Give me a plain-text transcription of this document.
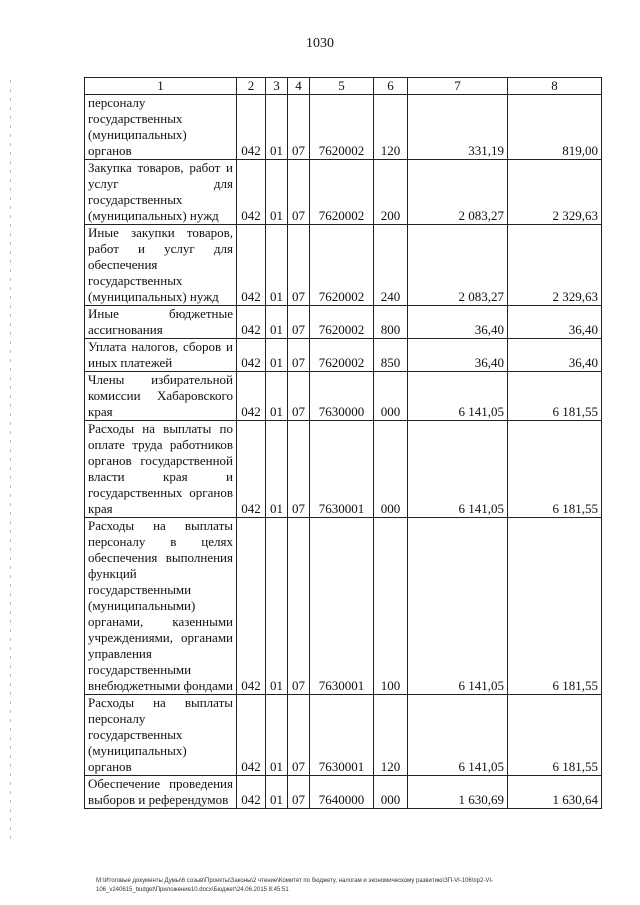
1030
1	2	3	4	5	6	7	8
персоналу государственных (муниципальных) органов	042	01	07	7620002	120	331,19	819,00
Закупка товаров, работ и услуг для государственных (муниципальных) нужд	042	01	07	7620002	200	2 083,27	2 329,63
Иные закупки товаров, работ и услуг для обеспечения государственных (муниципальных) нужд	042	01	07	7620002	240	2 083,27	2 329,63
Иные бюджетные ассигнования	042	01	07	7620002	800	36,40	36,40
Уплата налогов, сборов и иных платежей	042	01	07	7620002	850	36,40	36,40
Члены избирательной комиссии Хабаровского края	042	01	07	7630000	000	6 141,05	6 181,55
Расходы на выплаты по оплате труда работников органов государственной власти края и государственных органов края	042	01	07	7630001	000	6 141,05	6 181,55
Расходы на выплаты персоналу в целях обеспечения выполнения функций государственными (муниципальными) органами, казенными учреждениями, органами управления государственными внебюджетными фондами	042	01	07	7630001	100	6 141,05	6 181,55
Расходы на выплаты персоналу государственных (муниципальных) органов	042	01	07	7630001	120	6 141,05	6 181,55
Обеспечение проведения выборов и референдумов	042	01	07	7640000	000	1 630,69	1 630,64
M:\Итоговые документы Думы\6 созыв\Проекты\Законы\2 чтение\Комитет по бюджету, налогам и экономическому развитию\ЗП-VI-106\пр2-VI-106_v240615_budget\Приложение10.docx\Бюджет\24.06.2015 8:45:51
